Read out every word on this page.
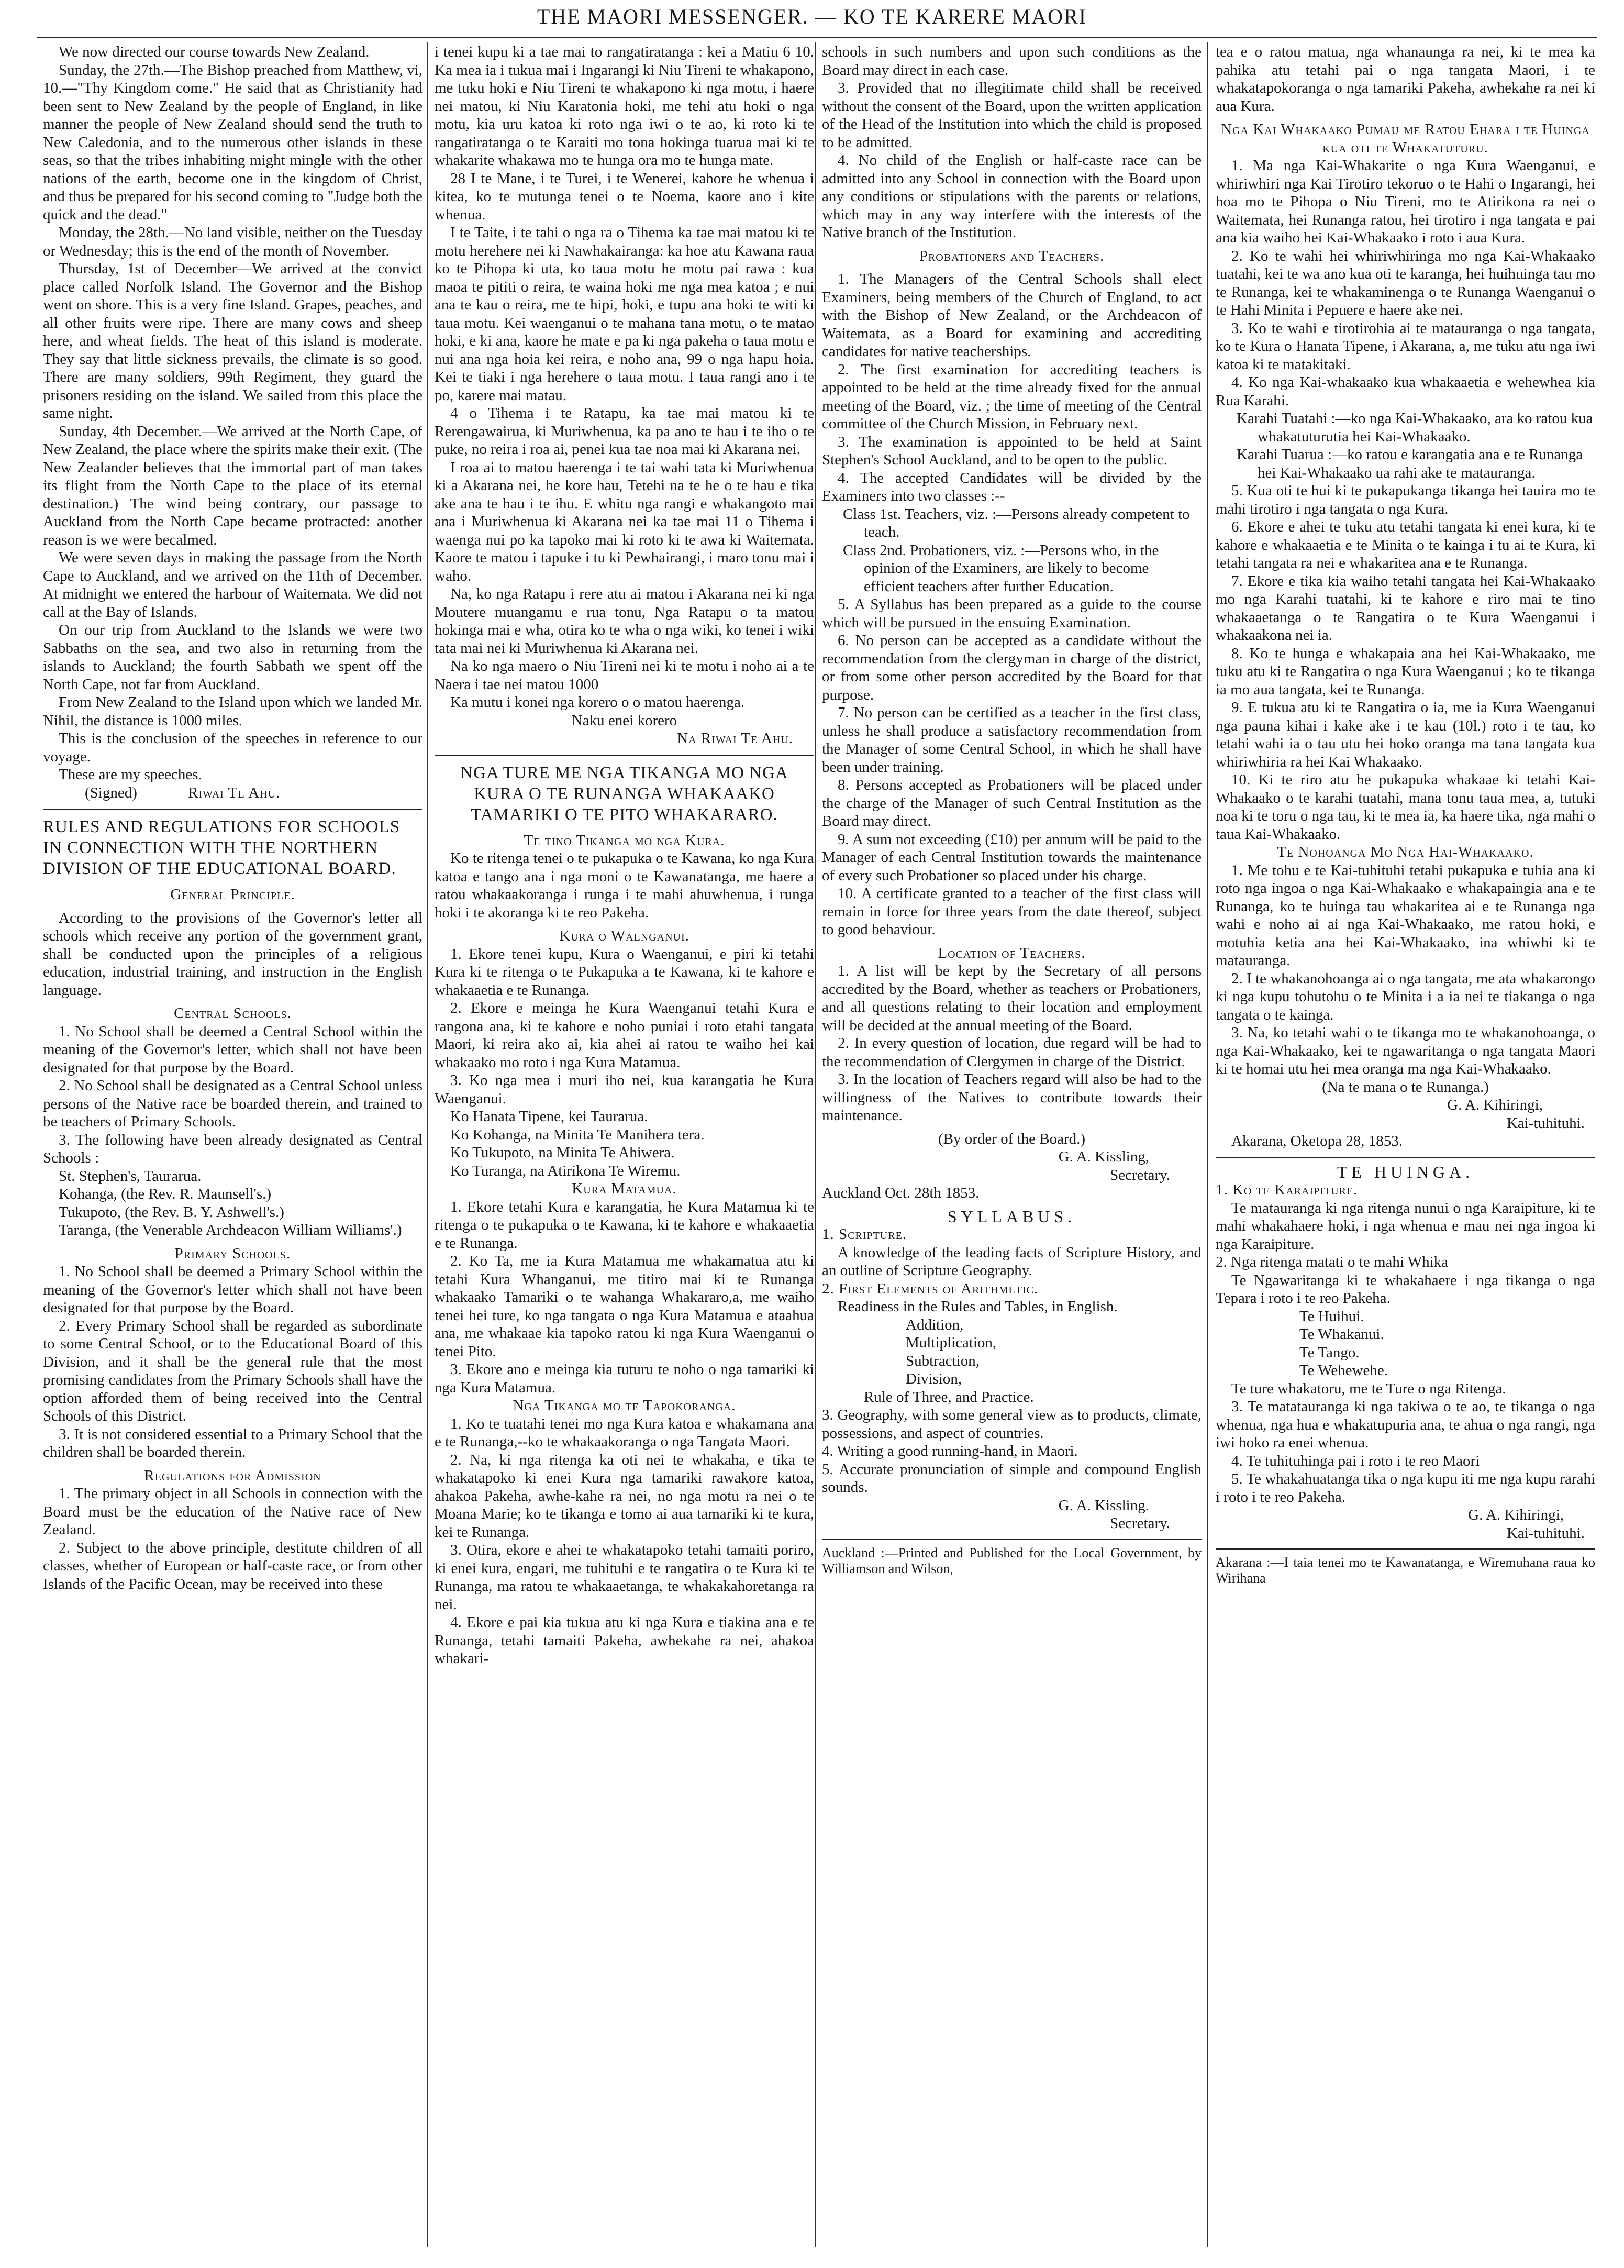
THE MAORI MESSENGER. — KO TE KARERE MAORI

We now directed our course towards New Zealand.

Sunday, the 27th.—The Bishop preached from Matthew, vi, 10.—"Thy Kingdom come." He said that as Christianity had been sent to New Zealand by the people of England, in like manner the people of New Zealand should send the truth to New Caledonia, and to the numerous other islands in these seas, so that the tribes inhabiting might mingle with the other nations of the earth, become one in the kingdom of Christ, and thus be prepared for his second coming to "Judge both the quick and the dead."

Monday, the 28th.—No land visible, neither on the Tuesday or Wednesday; this is the end of the month of November.

Thursday, 1st of December—We arrived at the convict place called Norfolk Island. The Governor and the Bishop went on shore. This is a very fine Island. Grapes, peaches, and all other fruits were ripe. There are many cows and sheep here, and wheat fields. The heat of this island is moderate. They say that little sickness prevails, the climate is so good. There are many soldiers, 99th Regiment, they guard the prisoners residing on the island. We sailed from this place the same night.

Sunday, 4th December.—We arrived at the North Cape, of New Zealand, the place where the spirits make their exit. (The New Zealander believes that the immortal part of man takes its flight from the North Cape to the place of its eternal destination.) The wind being contrary, our passage to Auckland from the North Cape became protracted: another reason is we were becalmed.

We were seven days in making the passage from the North Cape to Auckland, and we arrived on the 11th of December. At midnight we entered the harbour of Waitemata. We did not call at the Bay of Islands.

On our trip from Auckland to the Islands we were two Sabbaths on the sea, and two also in returning from the islands to Auckland; the fourth Sabbath we spent off the North Cape, not far from Auckland.

From New Zealand to the Island upon which we landed Mr. Nihil, the distance is 1000 miles.

This is the conclusion of the speeches in reference to our voyage.

These are my speeches.

(Signed)	Riwai Te Ahu.

RULES AND REGULATIONS FOR SCHOOLS IN CONNECTION WITH THE NORTHERN DIVISION OF THE EDUCATIONAL BOARD.

General Principle.

According to the provisions of the Governor's letter all schools which receive any portion of the government grant, shall be conducted upon the principles of a religious education, industrial training, and instruction in the English language.

Central Schools.

1. No School shall be deemed a Central School within the meaning of the Governor's letter, which shall not have been designated for that purpose by the Board.

2. No School shall be designated as a Central School unless persons of the Native race be boarded therein, and trained to be teachers of Primary Schools.

3. The following have been already designated as Central Schools :

St. Stephen's, Taurarua.

Kohanga, (the Rev. R. Maunsell's.)

Tukupoto, (the Rev. B. Y. Ashwell's.)

Taranga, (the Venerable Archdeacon William Williams'.)

Primary Schools.

1. No School shall be deemed a Primary School within the meaning of the Governor's letter which shall not have been designated for that purpose by the Board.

2. Every Primary School shall be regarded as subordinate to some Central School, or to the Educational Board of this Division, and it shall be the general rule that the most promising candidates from the Primary Schools shall have the option afforded them of being received into the Central Schools of this District.

3. It is not considered essential to a Primary School that the children shall be boarded therein.

Regulations for Admission

1. The primary object in all Schools in connection with the Board must be the education of the Native race of New Zealand.

2. Subject to the above principle, destitute children of all classes, whether of European or half-caste race, or from other Islands of the Pacific Ocean, may be received into these

i tenei kupu ki a tae mai to rangatiratanga : kei a Matiu 6 10. Ka mea ia i tukua mai i Ingarangi ki Niu Tireni te whakapono, me tuku hoki e Niu Tireni te whakapono ki nga motu, i haere nei matou, ki Niu Karatonia hoki, me tehi atu hoki o nga motu, kia uru katoa ki roto nga iwi o te ao, ki roto ki te rangatiratanga o te Karaiti mo tona hokinga tuarua mai ki te whakarite whakawa mo te hunga ora mo te hunga mate.

28 I te Mane, i te Turei, i te Wenerei, kahore he whenua i kitea, ko te mutunga tenei o te Noema, kaore ano i kite whenua.

I te Taite, i te tahi o nga ra o Tihema ka tae mai matou ki te motu herehere nei ki Nawhakairanga: ka hoe atu Kawana raua ko te Pihopa ki uta, ko taua motu he motu pai rawa : kua maoa te pititi o reira, te waina hoki me nga mea katoa ; e nui ana te kau o reira, me te hipi, hoki, e tupu ana hoki te witi ki taua motu. Kei waenganui o te mahana tana motu, o te matao hoki, e ki ana, kaore he mate e pa ki nga pakeha o taua motu e nui ana nga hoia kei reira, e noho ana, 99 o nga hapu hoia. Kei te tiaki i nga herehere o taua motu. I taua rangi ano i te po, karere mai matau.

4 o Tihema i te Ratapu, ka tae mai matou ki te Rerengawairua, ki Muriwhenua, ka pa ano te hau i te iho o te puke, no reira i roa ai, penei kua tae noa mai ki Akarana nei.

I roa ai to matou haerenga i te tai wahi tata ki Muriwhenua ki a Akarana nei, he kore hau, Tetehi na te he o te hau e tika ake ana te hau i te ihu. E whitu nga rangi e whakangoto mai ana i Muriwhenua ki Akarana nei ka tae mai 11 o Tihema i waenga nui po ka tapoko mai ki roto ki te awa ki Waitemata. Kaore te matou i tapuke i tu ki Pewhairangi, i maro tonu mai i waho.

Na, ko nga Ratapu i rere atu ai matou i Akarana nei ki nga Moutere muangamu e rua tonu, Nga Ratapu o ta matou hokinga mai e wha, otira ko te wha o nga wiki, ko tenei i wiki tata mai nei ki Muriwhenua ki Akarana nei.

Na ko nga maero o Niu Tireni nei ki te motu i noho ai a te Naera i tae nei matou 1000

Ka mutu i konei nga korero o o matou haerenga.

Naku enei korero

Na Riwai Te Ahu.

NGA TURE ME NGA TIKANGA MO NGA KURA O TE RUNANGA WHAKAAKO TAMARIKI O TE PITO WHAKARARO.

Te tino Tikanga mo nga Kura.

Ko te ritenga tenei o te pukapuka o te Kawana, ko nga Kura katoa e tango ana i nga moni o te Kawanatanga, me haere a ratou whakaakoranga i runga i te mahi ahuwhenua, i runga hoki i te akoranga ki te reo Pakeha.

Kura o Waenganui.

1. Ekore tenei kupu, Kura o Waenganui, e piri ki tetahi Kura ki te ritenga o te Pukapuka a te Kawana, ki te kahore e whakaaetia e te Runanga.

2. Ekore e meinga he Kura Waenganui tetahi Kura e rangona ana, ki te kahore e noho puniai i roto etahi tangata Maori, ki reira ako ai, kia ahei ai ratou te waiho hei kai whakaako mo roto i nga Kura Matamua.

3. Ko nga mea i muri iho nei, kua karangatia he Kura Waenganui.

Ko Hanata Tipene, kei Taurarua.

Ko Kohanga, na Minita Te Manihera tera.

Ko Tukupoto, na Minita Te Ahiwera.

Ko Turanga, na Atirikona Te Wiremu.

Kura Matamua.

1. Ekore tetahi Kura e karangatia, he Kura Matamua ki te ritenga o te pukapuka o te Kawana, ki te kahore e whakaaetia e te Runanga.

2. Ko Ta, me ia Kura Matamua me whakamatua atu ki tetahi Kura Whanganui, me titiro mai ki te Runanga whakaako Tamariki o te wahanga Whakararo,a, me waiho tenei hei ture, ko nga tangata o nga Kura Matamua e ataahua ana, me whakaae kia tapoko ratou ki nga Kura Waenganui o tenei Pito.

3. Ekore ano e meinga kia tuturu te noho o nga tamariki ki nga Kura Matamua.

Nga Tikanga mo te Tapokoranga.

1. Ko te tuatahi tenei mo nga Kura katoa e whakamana ana e te Runanga,--ko te whakaakoranga o nga Tangata Maori.

2. Na, ki nga ritenga ka oti nei te whakaha, e tika te whakatapoko ki enei Kura nga tamariki rawakore katoa, ahakoa Pakeha, awhe-kahe ra nei, no nga motu ra nei o te Moana Marie; ko te tikanga e tomo ai aua tamariki ki te kura, kei te Runanga.

3. Otira, ekore e ahei te whakatapoko tetahi tamaiti poriro, ki enei kura, engari, me tuhituhi e te rangatira o te Kura ki te Runanga, ma ratou te whakaaetanga, te whakakahoretanga ra nei.

4. Ekore e pai kia tukua atu ki nga Kura e tiakina ana e te Runanga, tetahi tamaiti Pakeha, awhekahe ra nei, ahakoa whakari-

schools in such numbers and upon such conditions as the Board may direct in each case.

3. Provided that no illegitimate child shall be received without the consent of the Board, upon the written application of the Head of the Institution into which the child is proposed to be admitted.

4. No child of the English or half-caste race can be admitted into any School in connection with the Board upon any conditions or stipulations with the parents or relations, which may in any way interfere with the interests of the Native branch of the Institution.

Probationers and Teachers.

1. The Managers of the Central Schools shall elect Examiners, being members of the Church of England, to act with the Bishop of New Zealand, or the Archdeacon of Waitemata, as a Board for examining and accrediting candidates for native teacherships.

2. The first examination for accrediting teachers is appointed to be held at the time already fixed for the annual meeting of the Board, viz. ; the time of meeting of the Central committee of the Church Mission, in February next.

3. The examination is appointed to be held at Saint Stephen's School Auckland, and to be open to the public.

4. The accepted Candidates will be divided by the Examiners into two classes :--

Class 1st. Teachers, viz. :—Persons already competent to teach.

Class 2nd. Probationers, viz. :—Persons who, in the opinion of the Examiners, are likely to become efficient teachers after further Education.

5. A Syllabus has been prepared as a guide to the course which will be pursued in the ensuing Examination.

6. No person can be accepted as a candidate without the recommendation from the clergyman in charge of the district, or from some other person accredited by the Board for that purpose.

7. No person can be certified as a teacher in the first class, unless he shall produce a satisfactory recommendation from the Manager of some Central School, in which he shall have been under training.

8. Persons accepted as Probationers will be placed under the charge of the Manager of such Central Institution as the Board may direct.

9. A sum not exceeding (£10) per annum will be paid to the Manager of each Central Institution towards the maintenance of every such Probationer so placed under his charge.

10. A certificate granted to a teacher of the first class will remain in force for three years from the date thereof, subject to good behaviour.

Location of Teachers.

1. A list will be kept by the Secretary of all persons accredited by the Board, whether as teachers or Probationers, and all questions relating to their location and employment will be decided at the annual meeting of the Board.

2. In every question of location, due regard will be had to the recommendation of Clergymen in charge of the District.

3. In the location of Teachers regard will also be had to the willingness of the Natives to contribute towards their maintenance.

(By order of the Board.)

G. A. Kissling,

Secretary.

Auckland Oct. 28th 1853.

SYLLABUS.

1. Scripture.

A knowledge of the leading facts of Scripture History, and an outline of Scripture Geography.

2. First Elements of Arithmetic.

Readiness in the Rules and Tables, in English.

Addition,

Multiplication,

Subtraction,

Division,

Rule of Three, and Practice.

3. Geography, with some general view as to products, climate, possessions, and aspect of countries.

4. Writing a good running-hand, in Maori.

5. Accurate pronunciation of simple and compound English sounds.

G. A. Kissling.

Secretary.

Auckland :—Printed and Published for the Local Government, by Williamson and Wilson,

tea e o ratou matua, nga whanaunga ra nei, ki te mea ka pahika atu tetahi pai o nga tangata Maori, i te whakatapokoranga o nga tamariki Pakeha, awhekahe ra nei ki aua Kura.

Nga Kai Whakaako Pumau me Ratou Ehara i te Huinga kua oti te Whakatuturu.

1. Ma nga Kai-Whakarite o nga Kura Waenganui, e whiriwhiri nga Kai Tirotiro tekoruo o te Hahi o Ingarangi, hei hoa mo te Pihopa o Niu Tireni, mo te Atirikona ra nei o Waitemata, hei Runanga ratou, hei tirotiro i nga tangata e pai ana kia waiho hei Kai-Whakaako i roto i aua Kura.

2. Ko te wahi hei whiriwhiringa mo nga Kai-Whakaako tuatahi, kei te wa ano kua oti te karanga, hei huihuinga tau mo te Runanga, kei te whakaminenga o te Runanga Waenganui o te Hahi Minita i Pepuere e haere ake nei.

3. Ko te wahi e tirotirohia ai te matauranga o nga tangata, ko te Kura o Hanata Tipene, i Akarana, a, me tuku atu nga iwi katoa ki te matakitaki.

4. Ko nga Kai-whakaako kua whakaaetia e wehewhea kia Rua Karahi.

Karahi Tuatahi :—ko nga Kai-Whakaako, ara ko ratou kua whakatuturutia hei Kai-Whakaako.

Karahi Tuarua :—ko ratou e karangatia ana e te Runanga hei Kai-Whakaako ua rahi ake te matauranga.

5. Kua oti te hui ki te pukapukanga tikanga hei tauira mo te mahi tirotiro i nga tangata o nga Kura.

6. Ekore e ahei te tuku atu tetahi tangata ki enei kura, ki te kahore e whakaaetia e te Minita o te kainga i tu ai te Kura, ki tetahi tangata ra nei e whakaritea ana e te Runanga.

7. Ekore e tika kia waiho tetahi tangata hei Kai-Whakaako mo nga Karahi tuatahi, ki te kahore e riro mai te tino whakaaetanga o te Rangatira o te Kura Waenganui i whakaakona nei ia.

8. Ko te hunga e whakapaia ana hei Kai-Whakaako, me tuku atu ki te Rangatira o nga Kura Waenganui ; ko te tikanga ia mo aua tangata, kei te Runanga.

9. E tukua atu ki te Rangatira o ia, me ia Kura Waenganui nga pauna kihai i kake ake i te kau (10l.) roto i te tau, ko tetahi wahi ia o tau utu hei hoko oranga ma tana tangata kua whiriwhiria ra hei Kai Whakaako.

10. Ki te riro atu he pukapuka whakaae ki tetahi Kai-Whakaako o te karahi tuatahi, mana tonu taua mea, a, tutuki noa ki te toru o nga tau, ki te mea ia, ka haere tika, nga mahi o taua Kai-Whakaako.

Te Nohoanga Mo Nga Hai-Whakaako.

1. Me tohu e te Kai-tuhituhi tetahi pukapuka e tuhia ana ki roto nga ingoa o nga Kai-Whakaako e whakapaingia ana e te Runanga, ko te huinga tau whakaritea ai e te Runanga nga wahi e noho ai ai nga Kai-Whakaako, me ratou hoki, e motuhia ketia ana hei Kai-Whakaako, ina whiwhi ki te matauranga.

2. I te whakanohoanga ai o nga tangata, me ata whakarongo ki nga kupu tohutohu o te Minita i a ia nei te tiakanga o nga tangata o te kainga.

3. Na, ko tetahi wahi o te tikanga mo te whakanohoanga, o nga Kai-Whakaako, kei te ngawaritanga o nga tangata Maori ki te homai utu hei mea oranga ma nga Kai-Whakaako.

(Na te mana o te Runanga.)

G. A. Kihiringi,

Kai-tuhituhi.

Akarana, Oketopa 28, 1853.

TE HUINGA.

1. Ko te Karaipiture.

Te matauranga ki nga ritenga nunui o nga Karaipiture, ki te mahi whakahaere hoki, i nga whenua e mau nei nga ingoa ki nga Karaipiture.

2. Nga ritenga matati o te mahi Whika

Te Ngawaritanga ki te whakahaere i nga tikanga o nga Tepara i roto i te reo Pakeha.

Te Huihui.

Te Whakanui.

Te Tango.

Te Wehewehe.

Te ture whakatoru, me te Ture o nga Ritenga.

3. Te matatauranga ki nga takiwa o te ao, te tikanga o nga whenua, nga hua e whakatupuria ana, te ahua o nga rangi, nga iwi hoko ra enei whenua.

4. Te tuhituhinga pai i roto i te reo Maori

5. Te whakahuatanga tika o nga kupu iti me nga kupu rarahi i roto i te reo Pakeha.

G. A. Kihiringi,

Kai-tuhituhi.

Akarana :—I taia tenei mo te Kawanatanga, e Wiremuhana raua ko Wirihana
